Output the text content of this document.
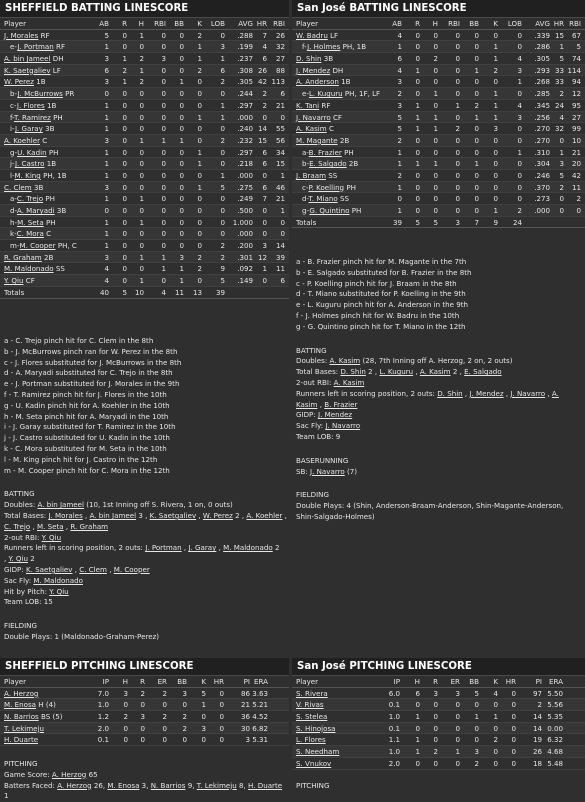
SHEFFIELD BATTING LINESCORE
Player	AB R H RBI BB K LOB AVG HR RBI
J. Morales RF	5 0 1 0 0 2	0 .288 7 26
e-J. Portman RF	1 0 0 0 0 1	3 .199 4 32
A. bin Jameel DH	3 1 2 3 0 1	1 .237 6 27
K. Saetgaliev LF	6 2 1 0 0 2	6 .308 26 88
W. Perez 1B	3 1 2 0 1 0	2 .305 42 113
b-J. McBurrows PR	0 0 0 0 0 0	0 .244 2 6
c-J. Flores 1B	1 0 0 0 0 0	1 .297 2 21
f-T. Ramirez PH	1 0 0 0 0 1	1 .000 0 0
i-J. Garay 3B	1 0 0 0 0 0	0 .240 14 55
A. Koehler C	3 0 1 1 1 0	2 .232 15 56
g-U. Kadin PH	1 0 0 0 0 1	0 .297 6 34
j-J. Castro 1B	1 0 0 0 0 1	0 .218 6 15
l-M. King PH, 1B	1 0 0 0 0 0	1 .000 0 1
C. Clem 3B	3 0 0 0 0 1	5 .275 6 46
a-C. Trejo PH	1 0 1 0 0 0	0 .249 7 21
d-A. Maryadi 3B	0 0 0 0 0 0	0 .500 0 1
h-M. Seta PH	1 0 1 0 0 0	0 1.000 0 0
k-C. Mora C	1 0 0 0 0 0	0 .000 0 0
m-M. Cooper PH, C	1 0 0 0 0 0	2 .200 3 14
R. Graham 2B	3 0 1 1 3 2	2 .301 12 39
M. Maldonado SS	4 0 0 1 1 2	9 .092 1 11
Y. Qiu CF	4 0 1 0 1 0	5 .149 0 6
Totals	40 5 10 4 11 13 39
a - C. Trejo pinch hit for C. Clem in the 8th
b - J. McBurrows pinch ran for W. Perez in the 8th
c - J. Flores substituted for J. McBurrows in the 8th
d - A. Maryadi substituted for C. Trejo in the 8th
e - J. Portman substituted for J. Morales in the 9th
f - T. Ramirez pinch hit for J. Flores in the 10th
g - U. Kadin pinch hit for A. Koehler in the 10th
h - M. Seta pinch hit for A. Maryadi in the 10th
i - J. Garay substituted for T. Ramirez in the 10th
j - J. Castro substituted for U. Kadin in the 10th
k - C. Mora substituted for M. Seta in the 10th
l - M. King pinch hit for J. Castro in the 12th
m - M. Cooper pinch hit for C. Mora in the 12th
BATTING
Doubles: A. bin Jameel (10, 1st Inning off S. Rivera, 1 on, 0 outs)
Total Bases: J. Morales , A. bin Jameel 3 , K. Saetgaliev , W. Perez 2 , A. Koehler ,
C. Trejo , M. Seta , R. Graham
2-out RBI: Y. Qiu
Runners left in scoring position, 2 outs: J. Portman , J. Garay , M. Maldonado 2
, Y. Qiu 2
GIDP: K. Saetgaliev , C. Clem , M. Cooper
Sac Fly: M. Maldonado
Hit by Pitch: Y. Qiu
Team LOB: 15
FIELDING
Double Plays: 1 (Maldonado-Graham-Perez)
San José BATTING LINESCORE
Player	AB R H RBI BB K LOB AVG HR RBI
W. Badru LF	4 0 0 0 0 0	0 .339 15 67
f-J. Holmes PH, 1B	1 0 0 0 0 1	0 .286 1 5
D. Shin 3B	6 0 2 0 0 1	4 .305 5 74
J. Mendez DH	4 1 0 0 1 2	3 .293 33 114
A. Anderson 1B	3 0 0 0 0 0	1 .268 33 94
e-L. Kuguru PH, 1F, LF 2 0 1 0 0 1	0 .285 2 12
K. Tani RF	3 1 0 1 2 1	4 .345 24 95
J. Navarro CF	5 1 1 0 1 1	3 .256 4 27
A. Kasim C	5 1 1 2 0 3	0 .270 32 99
M. Magante 2B	2 0 0 0 0 0	0 .270 0 10
a-B. Frazier PH	1 0 0 0 0 0	1 .310 1 21
b-E. Salgado 2B	1 1 1 0 1 0	0 .304 3 20
J. Braam SS	2 0 0 0 0 0	0 .246 5 42
c-P. Koelling PH	1 0 0 0 0 0	0 .370 2 11
d-T. Miano SS	0 0 0 0 0 0	0 .273 0 2
g-G. Quintino PH	1 0 0 0 0 1	2 .000 0 0
Totals	39 5 5 3 7 9 24
a - B. Frazier pinch hit for M. Magante in the 7th
b - E. Salgado substituted for B. Frazier in the 8th
c - P. Koelling pinch hit for J. Braam in the 8th
d - T. Miano substituted for P. Koelling in the 9th
e - L. Kuguru pinch hit for A. Anderson in the 9th
f - J. Holmes pinch hit for W. Badru in the 10th
g - G. Quintino pinch hit for T. Miano in the 12th
BATTING
Doubles: A. Kasim (28, 7th Inning off A. Herzog, 2 on, 2 outs)
Total Bases: D. Shin 2 , L. Kuguru , A. Kasim 2 , E. Salgado
2-out RBI: A. Kasim
Runners left in scoring position, 2 outs: D. Shin , J. Mendez , J. Navarro , A.
Kasim , B. Frazier
GIDP: J. Mendez
Sac Fly: J. Navarro
Team LOB: 9
BASERUNNING
SB: J. Navarro (7)
FIELDING
Double Plays: 4 (Shin, Anderson-Braam-Anderson, Shin-Magante-Anderson,
Shin-Salgado-Holmes)
SHEFFIELD PITCHING LINESCORE
Player	IP H R ER BB K HR	PI ERA
A. Herzog	7.0 3 2 2 3 5 0 86 3.63
M. Enosa H (4)	1.0 0 0 0 0 1 0 21 5.21
N. Barrios BS (5)	1.2 2 3 2 2 0 0 36 4.52
T. Lekimeju	2.0 0 0 0 2 3 0 30 6.82
H. Duarte	0.1 0 0 0 0 0 0	3 5.31
PITCHING
Game Score: A. Herzog 65
Batters Faced: A. Herzog 26, M. Enosa 3, N. Barrios 9, T. Lekimeju 8, H. Duarte
1
San José PITCHING LINESCORE
Player	IP H R ER BB K HR	PI ERA
S. Rivera	6.0 6 3 3 5 4 0 97 5.50
V. Rivas	0.1 0 0 0 0 0 0	2 5.56
S. Stelea	1.0 1 0 0 1 1 0 14 5.35
S. Hinojosa	0.1 0 0 0 0 0 0 14 0.00
L. Flores	1.1 1 0 0 0 2 0 19 6.32
S. Needham	1.0 1 2 1 3 0 0 26 4.68
S. Vnukov	2.0 0 0 0 2 0 0 18 5.48
PITCHING
